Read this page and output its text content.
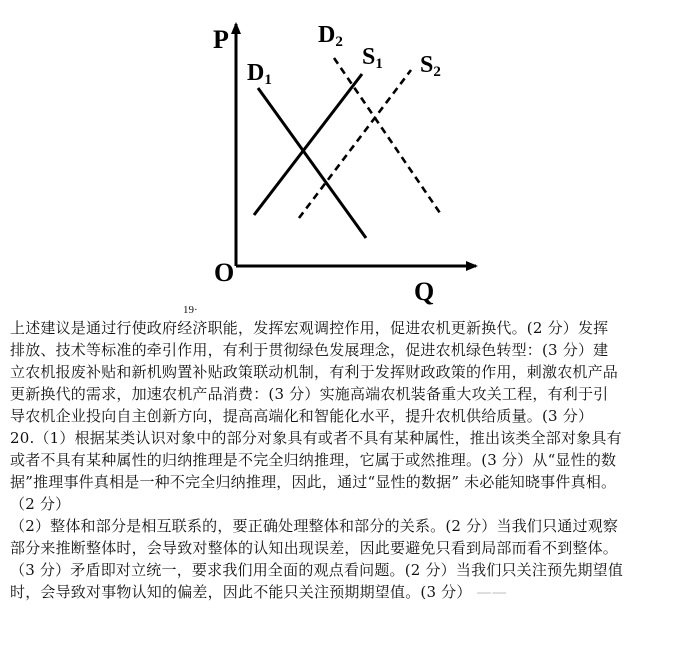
P
Q
O
D1
D2
S1 S2
19·
上述建议是通过行使政府经济职能，发挥宏观调控作用，促进农机更新换代。(2 分）发挥
排放、技术等标准的牵引作用，有利于贯彻绿色发展理念，促进农机绿色转型：(3 分）建
立农机报废补贴和新机购置补贴政策联动机制，有利于发挥财政政策的作用，刺激农机产品
更新换代的需求，加速农机产品消费：(3 分）实施高端农机装备重大攻关工程，有利于引
导农机企业投向自主创新方向，提高高端化和智能化水平，提升农机供给质量。(3 分）
20.（1）根据某类认识对象中的部分对象具有或者不具有某种属性，推出该类全部对象具有
或者不具有某种属性的归纳推理是不完全归纳推理，它属于或然推理。(3 分）从“显性的数
据”推理事件真相是一种不完全归纳推理，因此，通过“显性的数据” 未必能知晓事件真相。
（2 分）
（2）整体和部分是相互联系的，要正确处理整体和部分的关系。(2 分）当我们只通过观察
部分来推断整体时，会导致对整体的认知出现误差，因此要避免只看到局部而看不到整体。
（3 分）矛盾即对立统一，要求我们用全面的观点看问题。(2 分）当我们只关注预先期望值
时，会导致对事物认知的偏差，因此不能只关注预期期望值。(3 分） ——
